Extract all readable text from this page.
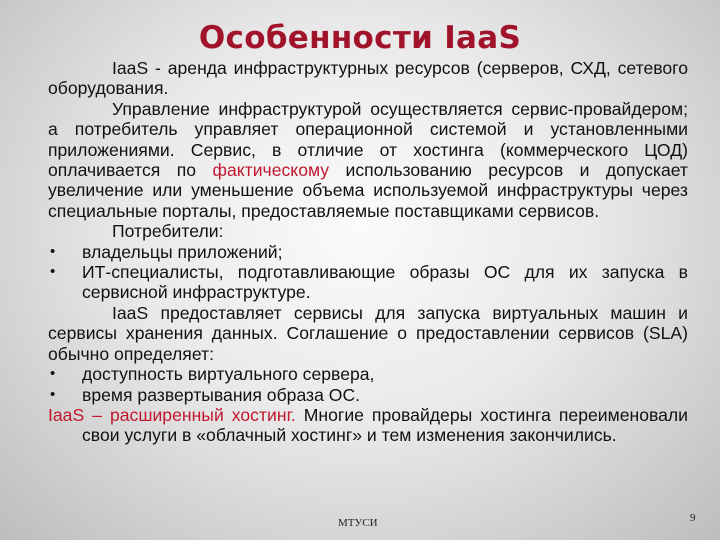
Особенности IaaS

IaaS - аренда инфраструктурных ресурсов (серверов, СХД, сетевого оборудования.

Управление инфраструктурой осуществляется сервис-провайдером; а потребитель управляет операционной системой и установленными приложениями. Сервис, в отличие от хостинга (коммерческого ЦОД) оплачивается по фактическому использованию ресурсов и допускает увеличение или уменьшение объема используемой инфраструктуры через специальные порталы, предоставляемые поставщиками сервисов.

Потребители:

• владельцы приложений;

• ИТ-специалисты, подготавливающие образы ОС для их запуска в сервисной инфраструктуре.

IaaS предоставляет сервисы для запуска виртуальных машин и сервисы хранения данных. Соглашение о предоставлении сервисов (SLA) обычно определяет:

• доступность виртуального сервера,

• время развертывания образа ОС.

IaaS – расширенный хостинг. Многие провайдеры хостинга переименовали свои услуги в «облачный хостинг» и тем изменения закончились.

МТУСИ	9
